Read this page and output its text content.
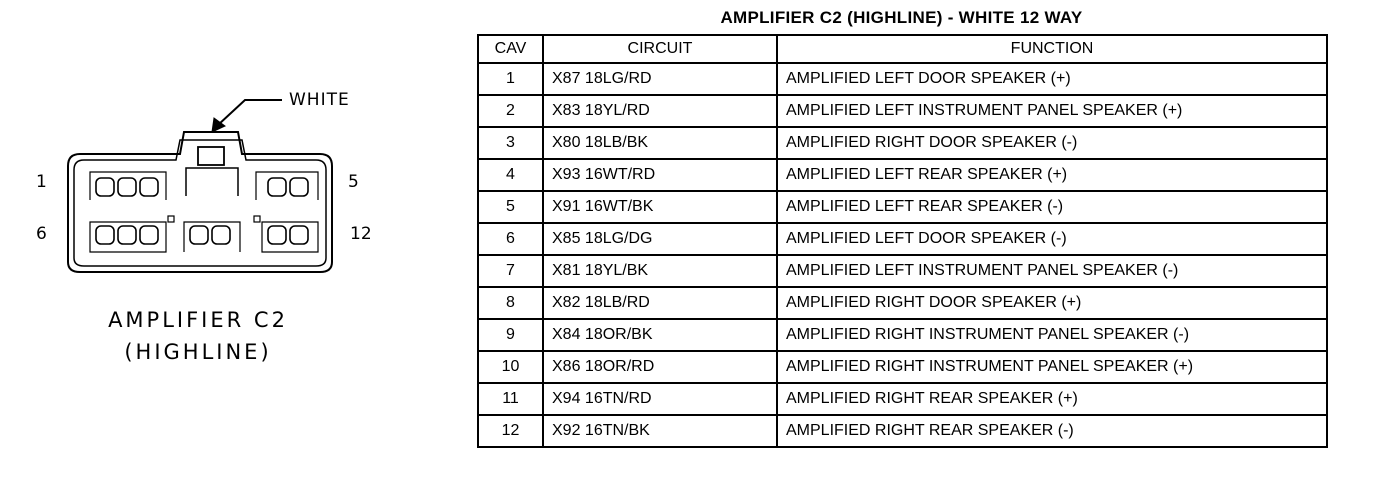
WHITE
1	5
6	12
AMPLIFIER C2
(HIGHLINE)
AMPLIFIER C2 (HIGHLINE) - WHITE 12 WAY
CAV	CIRCUIT	FUNCTION
1	X87 18LG/RD	AMPLIFIED LEFT DOOR SPEAKER (+)
2	X83 18YL/RD	AMPLIFIED LEFT INSTRUMENT PANEL SPEAKER (+)
3	X80 18LB/BK	AMPLIFIED RIGHT DOOR SPEAKER (-)
4	X93 16WT/RD	AMPLIFIED LEFT REAR SPEAKER (+)
5	X91 16WT/BK	AMPLIFIED LEFT REAR SPEAKER (-)
6	X85 18LG/DG	AMPLIFIED LEFT DOOR SPEAKER (-)
7	X81 18YL/BK	AMPLIFIED LEFT INSTRUMENT PANEL SPEAKER (-)
8	X82 18LB/RD	AMPLIFIED RIGHT DOOR SPEAKER (+)
9	X84 18OR/BK	AMPLIFIED RIGHT INSTRUMENT PANEL SPEAKER (-)
10	X86 18OR/RD	AMPLIFIED RIGHT INSTRUMENT PANEL SPEAKER (+)
11	X94 16TN/RD	AMPLIFIED RIGHT REAR SPEAKER (+)
12	X92 16TN/BK	AMPLIFIED RIGHT REAR SPEAKER (-)
